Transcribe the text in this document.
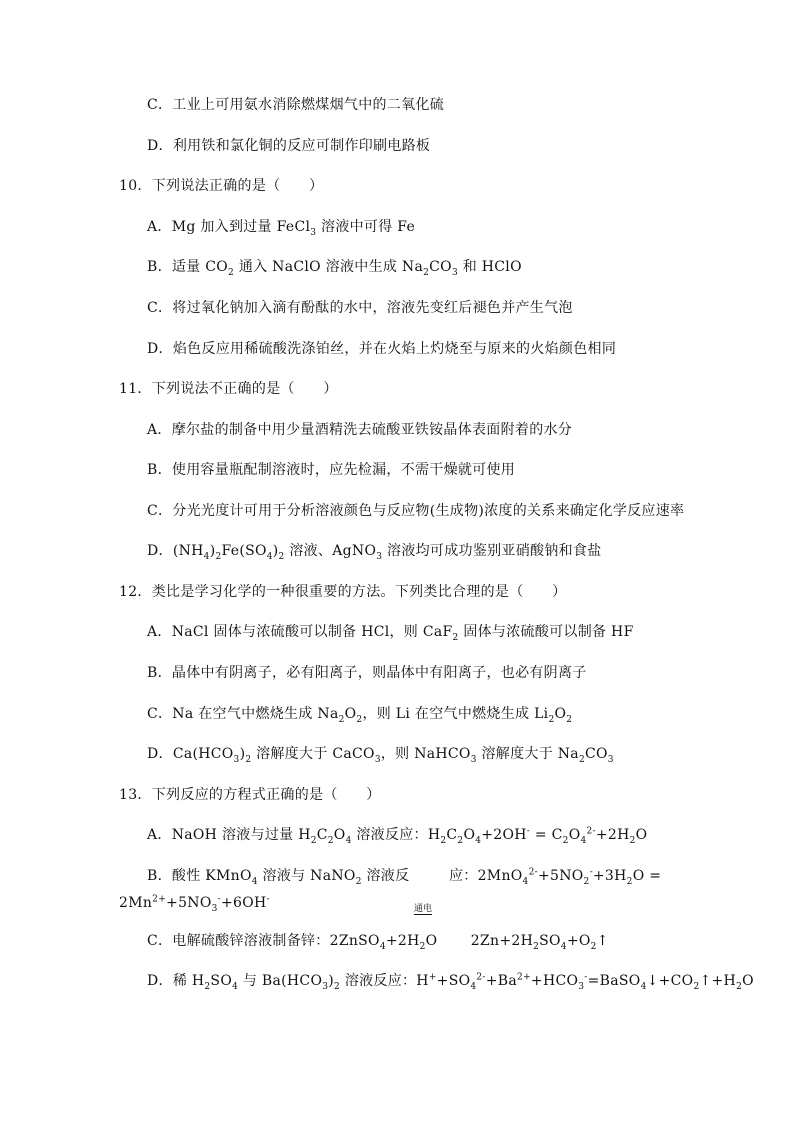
C．工业上可用氨水消除燃煤烟气中的二氧化硫
D．利用铁和氯化铜的反应可制作印刷电路板
10．下列说法正确的是（　　）
A．Mg 加入到过量 FeCl$_3$ 溶液中可得 Fe
B．适量 $CO_2$ 通入 NaClO 溶液中生成 $Na_2CO_3$ 和 HClO
C．将过氧化钠加入滴有酚酞的水中，溶液先变红后褪色并产生气泡
D．焰色反应用稀硫酸洗涤铂丝，并在火焰上灼烧至与原来的火焰颜色相同
11．下列说法不正确的是（　　）
A．摩尔盐的制备中用少量酒精洗去硫酸亚铁铵晶体表面附着的水分
B．使用容量瓶配制溶液时，应先检漏，不需干燥就可使用
C．分光光度计可用于分析溶液颜色与反应物(生成物)浓度的关系来确定化学反应速率
D．$(NH_4)_2Fe(SO_4)_2$ 溶液、AgNO$_3$ 溶液均可成功鉴别亚硝酸钠和食盐
12．类比是学习化学的一种很重要的方法。下列类比合理的是（　　）
A．NaCl 固体与浓硫酸可以制备 HCl，则 CaF$_2$ 固体与浓硫酸可以制备 HF
B．晶体中有阴离子，必有阳离子，则晶体中有阳离子，也必有阴离子
C．Na 在空气中燃烧生成 $Na_2O_2$，则 Li 在空气中燃烧生成 $Li_2O_2$
D．$Ca(HCO_3)_2$ 溶解度大于 CaCO$_3$，则 NaHCO$_3$ 溶解度大于 $Na_2CO_3$
13．下列反应的方程式正确的是（　　）
A．NaOH 溶液与过量 $H_2C_2O_4$ 溶液反应：$H_2C_2O_4+2OH^- = C_2O_4^{2-}+2H_2O$
B．酸性 KMnO$_4$ 溶液与 NaNO$_2$ 溶液反	应：$2MnO_4^{2-}+5NO_2^-+3H_2O$ =
$2Mn^{2+}+5NO_3^-+6OH^-$
通电
C．电解硫酸锌溶液制备锌：$2ZnSO_4+2H_2O$　　 $2Zn+2H_2SO_4+O_2↑$
D．稀 $H_2SO_4$ 与 $Ba(HCO_3)_2$ 溶液反应：$H^++SO_4^{2-}+Ba^{2+}+HCO_3^-=BaSO_4↓+CO_2↑+H_2O$
